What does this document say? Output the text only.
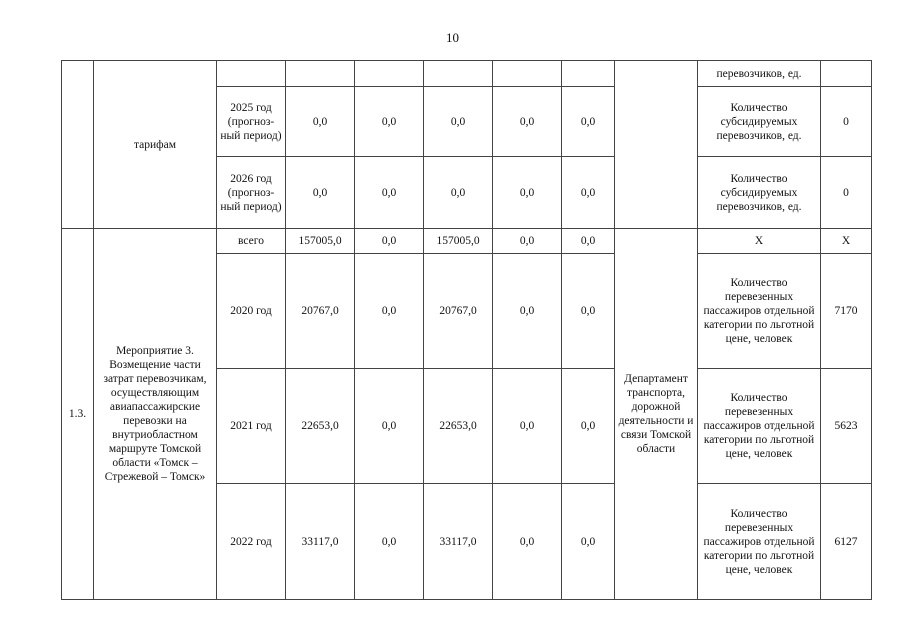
10
	тарифам								перевозчиков, ед.	
		2025 год (прогноз-ный период)	0,0	0,0	0,0	0,0	0,0		Количество субсидируемых перевозчиков, ед.	0
		2026 год (прогноз-ный период)	0,0	0,0	0,0	0,0	0,0		Количество субсидируемых перевозчиков, ед.	0
1.3.	Мероприятие 3. Возмещение части затрат перевозчикам, осуществляющим авиапассажирские перевозки на внутриобластном маршруте Томской области «Томск – Стрежевой – Томск»	всего	157005,0	0,0	157005,0	0,0	0,0	Департамент транспорта, дорожной деятельности и связи Томской области	Х	Х
		2020 год	20767,0	0,0	20767,0	0,0	0,0		Количество перевезенных пассажиров отдельной категории по льготной цене, человек	7170
		2021 год	22653,0	0,0	22653,0	0,0	0,0		Количество перевезенных пассажиров отдельной категории по льготной цене, человек	5623
		2022 год	33117,0	0,0	33117,0	0,0	0,0		Количество перевезенных пассажиров отдельной категории по льготной цене, человек	6127
